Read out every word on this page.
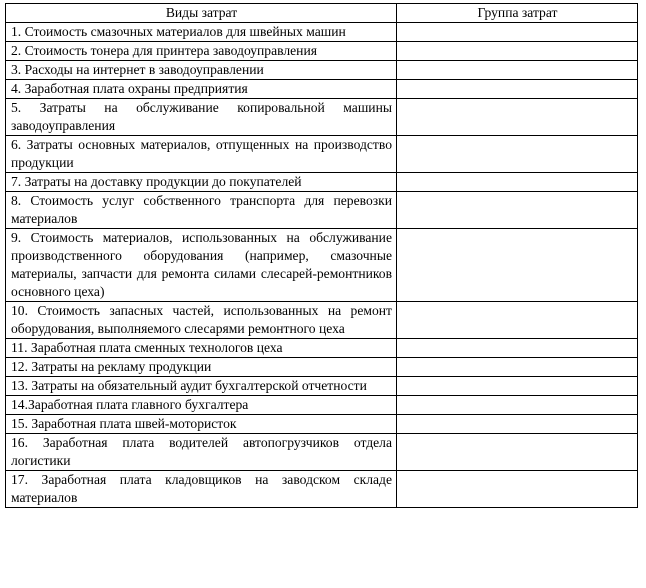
Виды затрат	Группа затрат
1. Стоимость смазочных материалов для швейных машин	
2. Стоимость тонера для принтера заводоуправления	
3. Расходы на интернет в заводоуправлении	
4. Заработная плата охраны предприятия	
5. Затраты на обслуживание копировальной машины заводоуправления	
6. Затраты основных материалов, отпущенных на производство продукции	
7. Затраты на доставку продукции до покупателей	
8. Стоимость услуг собственного транспорта для перевозки материалов	
9. Стоимость материалов, использованных на обслуживание производственного оборудования (например, смазочные материалы, запчасти для ремонта силами слесарей-ремонтников основного цеха)	
10. Стоимость запасных частей, использованных на ремонт оборудования, выполняемого слесарями ремонтного цеха	
11. Заработная плата сменных технологов цеха	
12. Затраты на рекламу продукции	
13. Затраты на обязательный аудит бухгалтерской отчетности	
14.Заработная плата главного бухгалтера	
15. Заработная плата швей-мотористок	
16. Заработная плата водителей автопогрузчиков отдела логистики	
17. Заработная плата кладовщиков на заводском складе материалов	
